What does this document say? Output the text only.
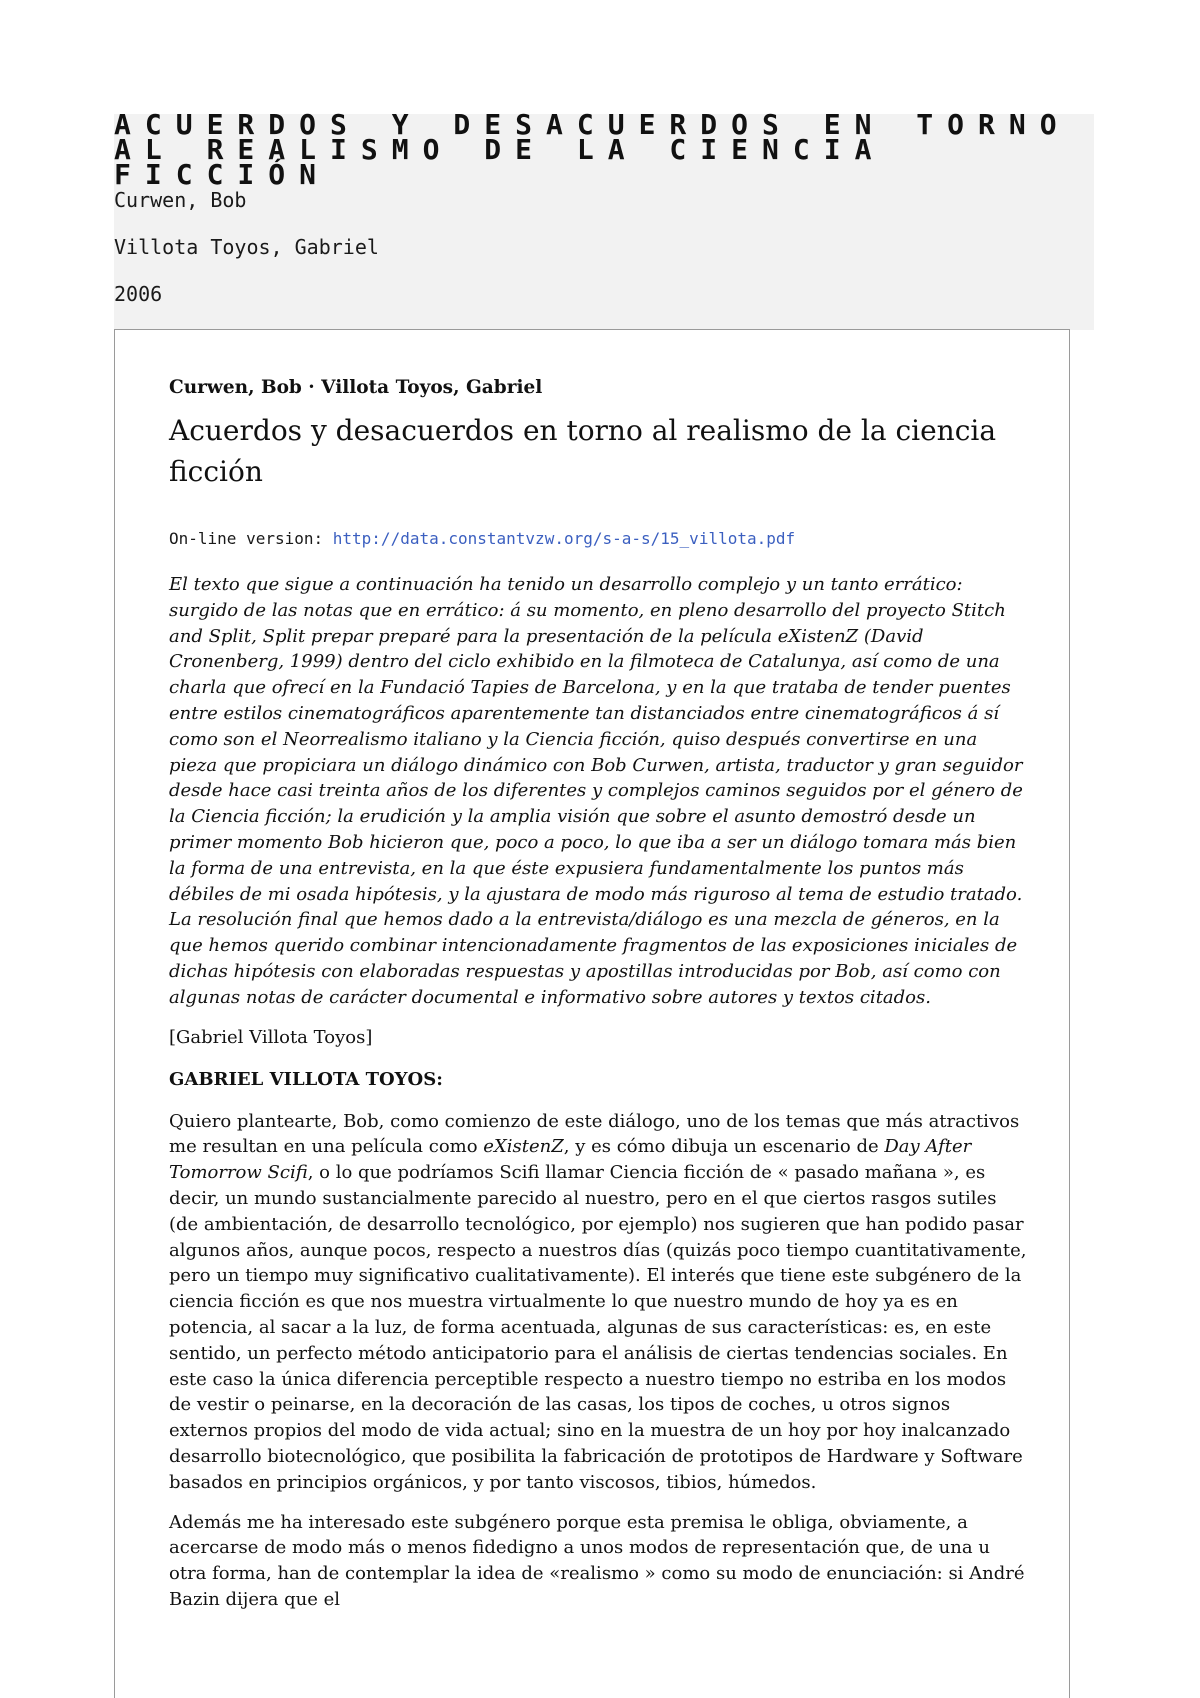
ACUERDOS Y DESACUERDOS EN TORNO AL REALISMO DE LA CIENCIA FICCIÓN

Curwen, Bob

Villota Toyos, Gabriel

2006

Curwen, Bob · Villota Toyos, Gabriel

Acuerdos y desacuerdos en torno al realismo de la ciencia ficción

On-line version: http://data.constantvzw.org/s-a-s/15_villota.pdf

El texto que sigue a continuación ha tenido un desarrollo complejo y un tanto errático: surgido de las notas que en errático: á su momento, en pleno desarrollo del proyecto Stitch and Split, Split prepar preparé para la presentación de la película eXistenZ (David Cronenberg, 1999) dentro del ciclo exhibido en la filmoteca de Catalunya, así como de una charla que ofrecí en la Fundació Tapies de Barcelona, y en la que trataba de tender puentes entre estilos cinematográficos aparentemente tan distanciados entre cinematográficos á sí como son el Neorrealismo italiano y la Ciencia ficción, quiso después convertirse en una pieza que propiciara un diálogo dinámico con Bob Curwen, artista, traductor y gran seguidor desde hace casi treinta años de los diferentes y complejos caminos seguidos por el género de la Ciencia ficción; la erudición y la amplia visión que sobre el asunto demostró desde un primer momento Bob hicieron que, poco a poco, lo que iba a ser un diálogo tomara más bien la forma de una entrevista, en la que éste expusiera fundamentalmente los puntos más débiles de mi osada hipótesis, y la ajustara de modo más riguroso al tema de estudio tratado. La resolución final que hemos dado a la entrevista/diálogo es una mezcla de géneros, en la que hemos querido combinar intencionadamente fragmentos de las exposiciones iniciales de dichas hipótesis con elaboradas respuestas y apostillas introducidas por Bob, así como con algunas notas de carácter documental e informativo sobre autores y textos citados.

[Gabriel Villota Toyos]

GABRIEL VILLOTA TOYOS:

Quiero plantearte, Bob, como comienzo de este diálogo, uno de los temas que más atractivos me resultan en una película como eXistenZ, y es cómo dibuja un escenario de Day After Tomorrow Scifi, o lo que podríamos Scifi llamar Ciencia ficción de « pasado mañana », es decir, un mundo sustancialmente parecido al nuestro, pero en el que ciertos rasgos sutiles (de ambientación, de desarrollo tecnológico, por ejemplo) nos sugieren que han podido pasar algunos años, aunque pocos, respecto a nuestros días (quizás poco tiempo cuantitativamente, pero un tiempo muy significativo cualitativamente). El interés que tiene este subgénero de la ciencia ficción es que nos muestra virtualmente lo que nuestro mundo de hoy ya es en potencia, al sacar a la luz, de forma acentuada, algunas de sus características: es, en este sentido, un perfecto método anticipatorio para el análisis de ciertas tendencias sociales. En este caso la única diferencia perceptible respecto a nuestro tiempo no estriba en los modos de vestir o peinarse, en la decoración de las casas, los tipos de coches, u otros signos externos propios del modo de vida actual; sino en la muestra de un hoy por hoy inalcanzado desarrollo biotecnológico, que posibilita la fabricación de prototipos de Hardware y Software basados en principios orgánicos, y por tanto viscosos, tibios, húmedos.

Además me ha interesado este subgénero porque esta premisa le obliga, obviamente, a acercarse de modo más o menos fidedigno a unos modos de representación que, de una u otra forma, han de contemplar la idea de «realismo » como su modo de enunciación: si André Bazin dijera que el
